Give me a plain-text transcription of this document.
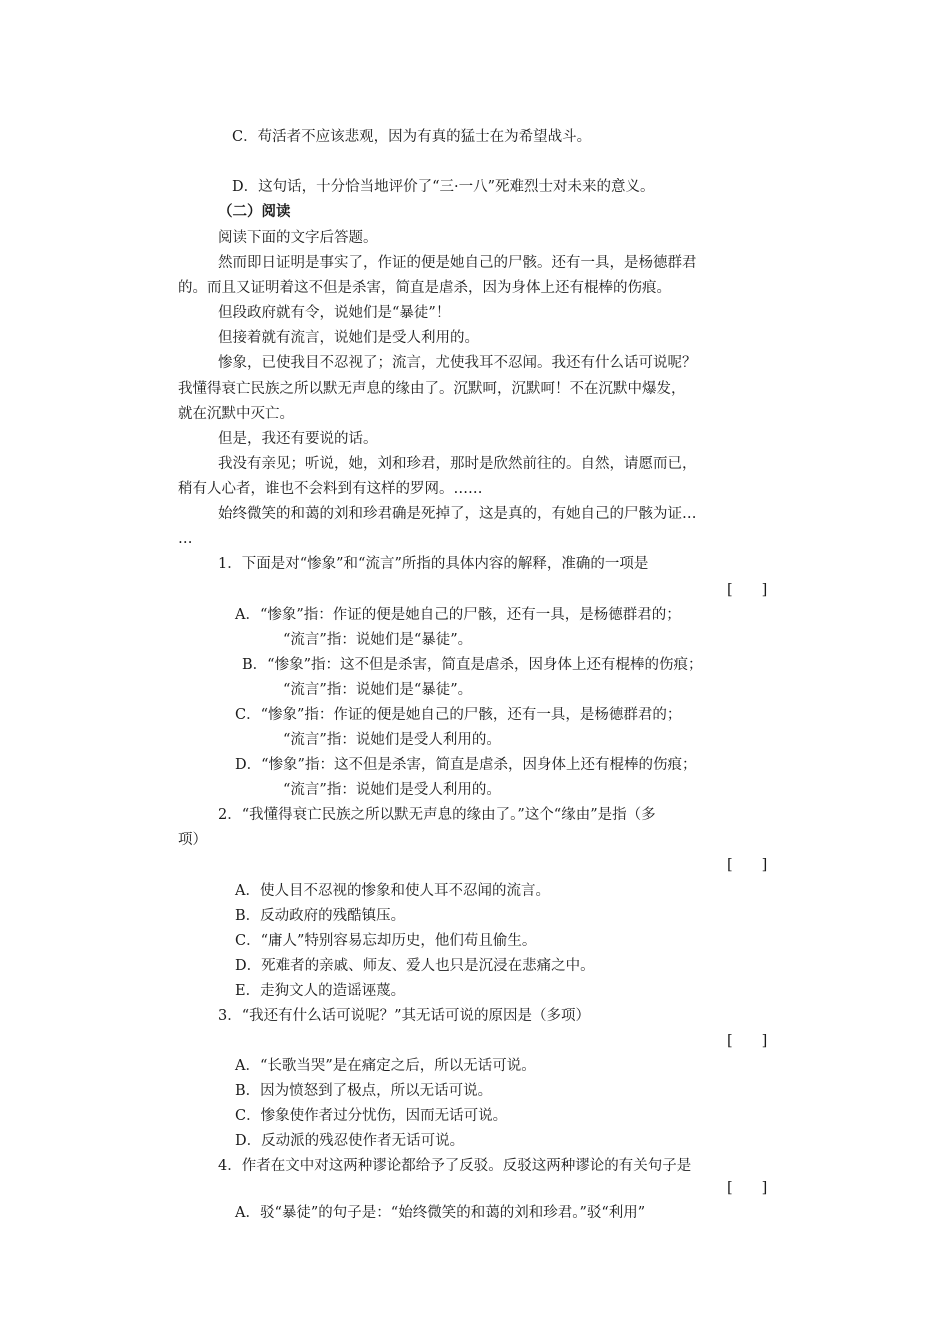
C．苟活者不应该悲观，因为有真的猛士在为希望战斗。
D．这句话，十分恰当地评价了“三·一八”死难烈士对未来的意义。
（二）阅读
阅读下面的文字后答题。
然而即日证明是事实了，作证的便是她自己的尸骸。还有一具，是杨德群君
的。而且又证明着这不但是杀害，简直是虐杀，因为身体上还有棍棒的伤痕。
但段政府就有令，说她们是“暴徒”！
但接着就有流言，说她们是受人利用的。
惨象，已使我目不忍视了；流言，尤使我耳不忍闻。我还有什么话可说呢？
我懂得衰亡民族之所以默无声息的缘由了。沉默呵，沉默呵！不在沉默中爆发，
就在沉默中灭亡。
但是，我还有要说的话。
我没有亲见；听说，她，刘和珍君，那时是欣然前往的。自然，请愿而已，
稍有人心者，谁也不会料到有这样的罗网。……
始终微笑的和蔼的刘和珍君确是死掉了，这是真的，有她自己的尸骸为证…
…
1．下面是对“惨象”和“流言”所指的具体内容的解释，准确的一项是
[　　]
A．“惨象”指：作证的便是她自己的尸骸，还有一具，是杨德群君的；
“流言”指：说她们是“暴徒”。
B．“惨象”指：这不但是杀害，简直是虐杀，因身体上还有棍棒的伤痕；
“流言”指：说她们是“暴徒”。
C．“惨象”指：作证的便是她自己的尸骸，还有一具，是杨德群君的；
“流言”指：说她们是受人利用的。
D．“惨象”指：这不但是杀害，简直是虐杀，因身体上还有棍棒的伤痕；
“流言”指：说她们是受人利用的。
2．“我懂得衰亡民族之所以默无声息的缘由了。”这个“缘由”是指（多
项）
[　　]
A．使人目不忍视的惨象和使人耳不忍闻的流言。
B．反动政府的残酷镇压。
C．“庸人”特别容易忘却历史，他们苟且偷生。
D．死难者的亲戚、师友、爱人也只是沉浸在悲痛之中。
E．走狗文人的造谣诬蔑。
3．“我还有什么话可说呢？”其无话可说的原因是（多项）
[　　]
A．“长歌当哭”是在痛定之后，所以无话可说。
B．因为愤怒到了极点，所以无话可说。
C．惨象使作者过分忧伤，因而无话可说。
D．反动派的残忍使作者无话可说。
4．作者在文中对这两种谬论都给予了反驳。反驳这两种谬论的有关句子是
[　　]
A．驳“暴徒”的句子是：“始终微笑的和蔼的刘和珍君。”驳“利用”
